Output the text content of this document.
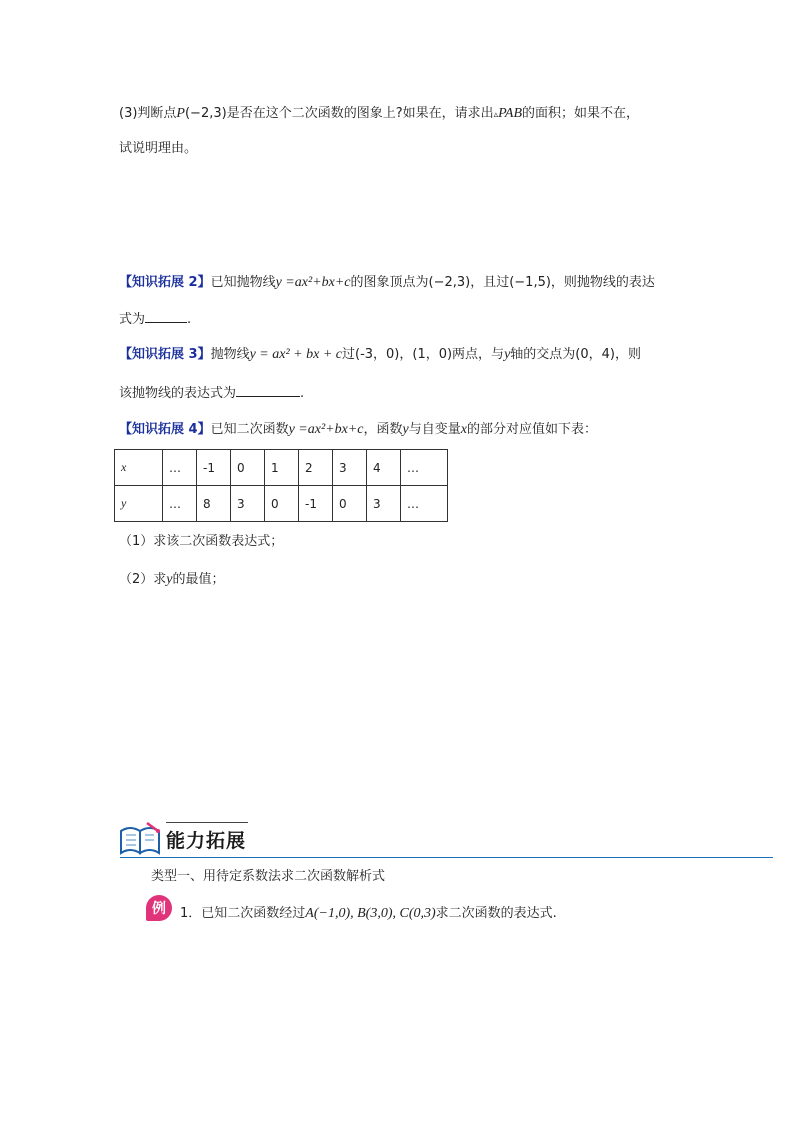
(3)判断点P(−2,3)是否在这个二次函数的图象上?如果在，请求出▵PAB的面积；如果不在，
试说明理由。
【知识拓展 2】已知抛物线y =ax²+bx+c的图象顶点为(−2,3)，且过(−1,5)，则抛物线的表达
式为	.
【知识拓展 3】抛物线y = ax² + bx + c过(-3，0)，(1，0)两点，与y轴的交点为(0，4)，则
该抛物线的表达式为	.
【知识拓展 4】已知二次函数y =ax²+bx+c，函数y与自变量x的部分对应值如下表：
x	…	-1	0	1	2	3	4	…
y	…	8	3	0	-1	0	3	…
（1）求该二次函数表达式；
（2）求y的最值；
能力拓展
类型一、用待定系数法求二次函数解析式
例	1．已知二次函数经过A(−1,0), B(3,0), C(0,3)求二次函数的表达式.
